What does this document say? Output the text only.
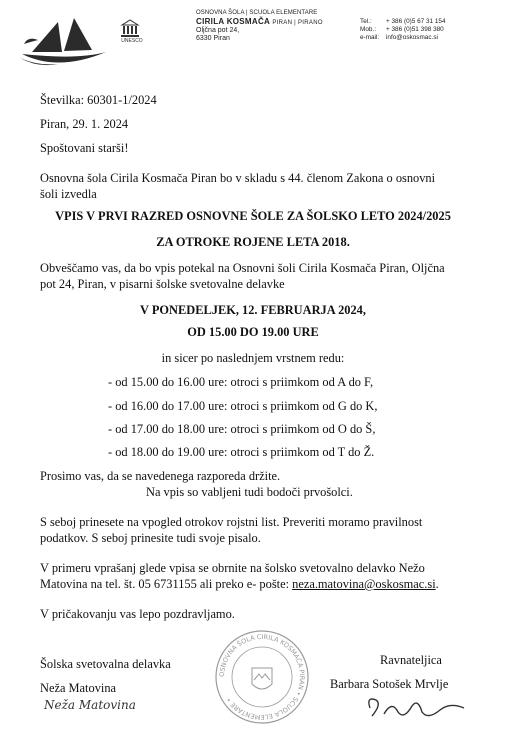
UNESCO
OSNOVNA ŠOLA | SCUOLA ELEMENTARE
CIRILA KOSMAČA PIRAN | PIRANO
Oljčna pot 24,
6330 Piran
Tel.: + 386 (0)5 67 31 154
Mob.: + 386 (0)51 398 380
e-mail: info@oskosmac.si
Številka: 60301-1/2024
Piran, 29. 1. 2024
Spoštovani starši!
Osnovna šola Cirila Kosmača Piran bo v skladu s 44. členom Zakona o osnovni
šoli izvedla
VPIS V PRVI RAZRED OSNOVNE ŠOLE ZA ŠOLSKO LETO 2024/2025
ZA OTROKE ROJENE LETA 2018.
Obveščamo vas, da bo vpis potekal na Osnovni šoli Cirila Kosmača Piran, Oljčna
pot 24, Piran, v pisarni šolske svetovalne delavke
V PONEDELJEK, 12. FEBRUARJA 2024,
OD 15.00 DO 19.00 URE
in sicer po naslednjem vrstnem redu:
- od 15.00 do 16.00 ure: otroci s priimkom od A do F,
- od 16.00 do 17.00 ure: otroci s priimkom od G do K,
- od 17.00 do 18.00 ure: otroci s priimkom od O do Š,
- od 18.00 do 19.00 ure: otroci s priimkom od T do Ž.
Prosimo vas, da se navedenega razporeda držite.
Na vpis so vabljeni tudi bodoči prvošolci.
S seboj prinesete na vpogled otrokov rojstni list. Preveriti moramo pravilnost
podatkov. S seboj prinesite tudi svoje pisalo.
V primeru vprašanj glede vpisa se obrnite na šolsko svetovalno delavko Nežo
Matovina na tel. št. 05 6731155 ali preko e- pošte: neza.matovina@oskosmac.si.
V pričakovanju vas lepo pozdravljamo.
Šolska svetovalna delavka
Neža Matovina
Neža Matovina
Ravnateljica
Barbara Sotošek Mrvlje
OSNOVNA ŠOLA CIRILA KOSMAČA PIRAN • SCUOLA ELEMENTARE •
